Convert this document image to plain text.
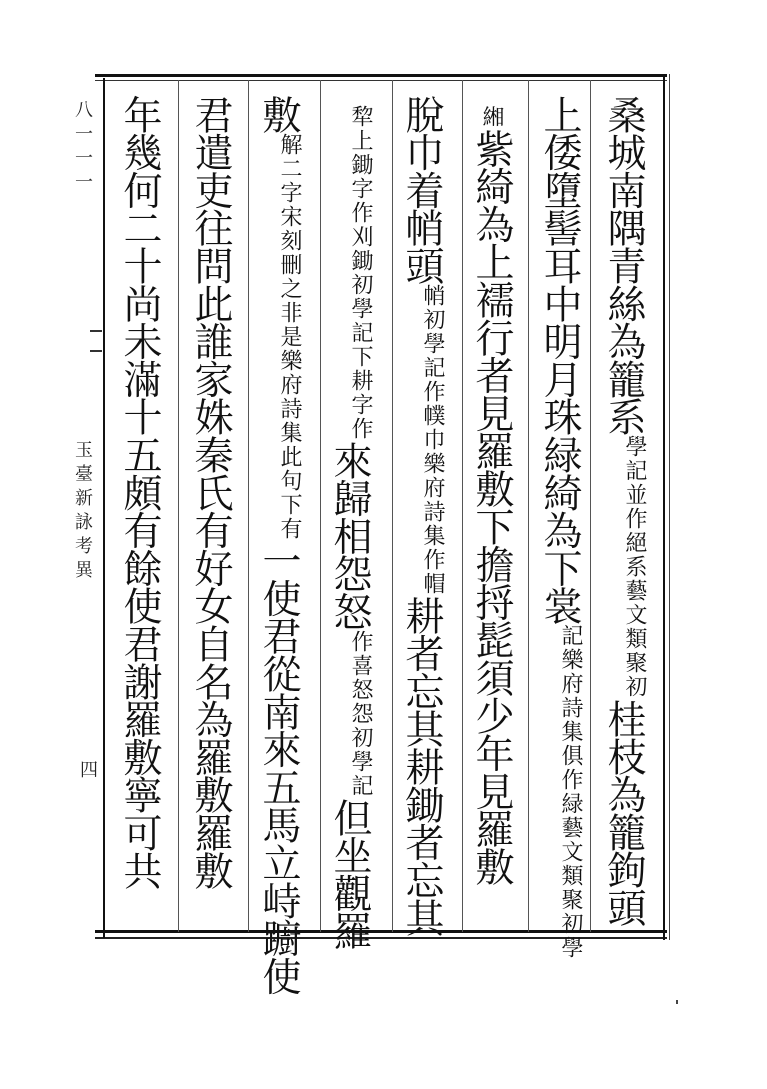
桑城南隅青絲為籠系
系藝文類聚初
學記並作絕
桂枝為籠鉤頭
上倭墮髻耳中明月珠緑綺為下裳
緑藝文類聚初學
記樂府詩集俱作
緗紫綺為上襦行者見羅敷下擔捋髭須少年見羅敷
脫巾着帩頭
巾樂府詩集作帽
帩初學記作幞
耕者忘其耕鋤者忘其
鋤初學記下耕字作
犂上鋤字作刈
來歸相怨怒
怨初學記
作喜怒
但坐觀羅
敷
樂府詩集此句下有
解二字宋刻刪之非是
一使君從南來五馬立峙躕使
君遣吏往問此誰家姝秦氏有好女自名為羅敷羅敷
年幾何二十尚未滿十五頗有餘使君謝羅敷寧可共
八一一一
玉臺新詠考異
四
